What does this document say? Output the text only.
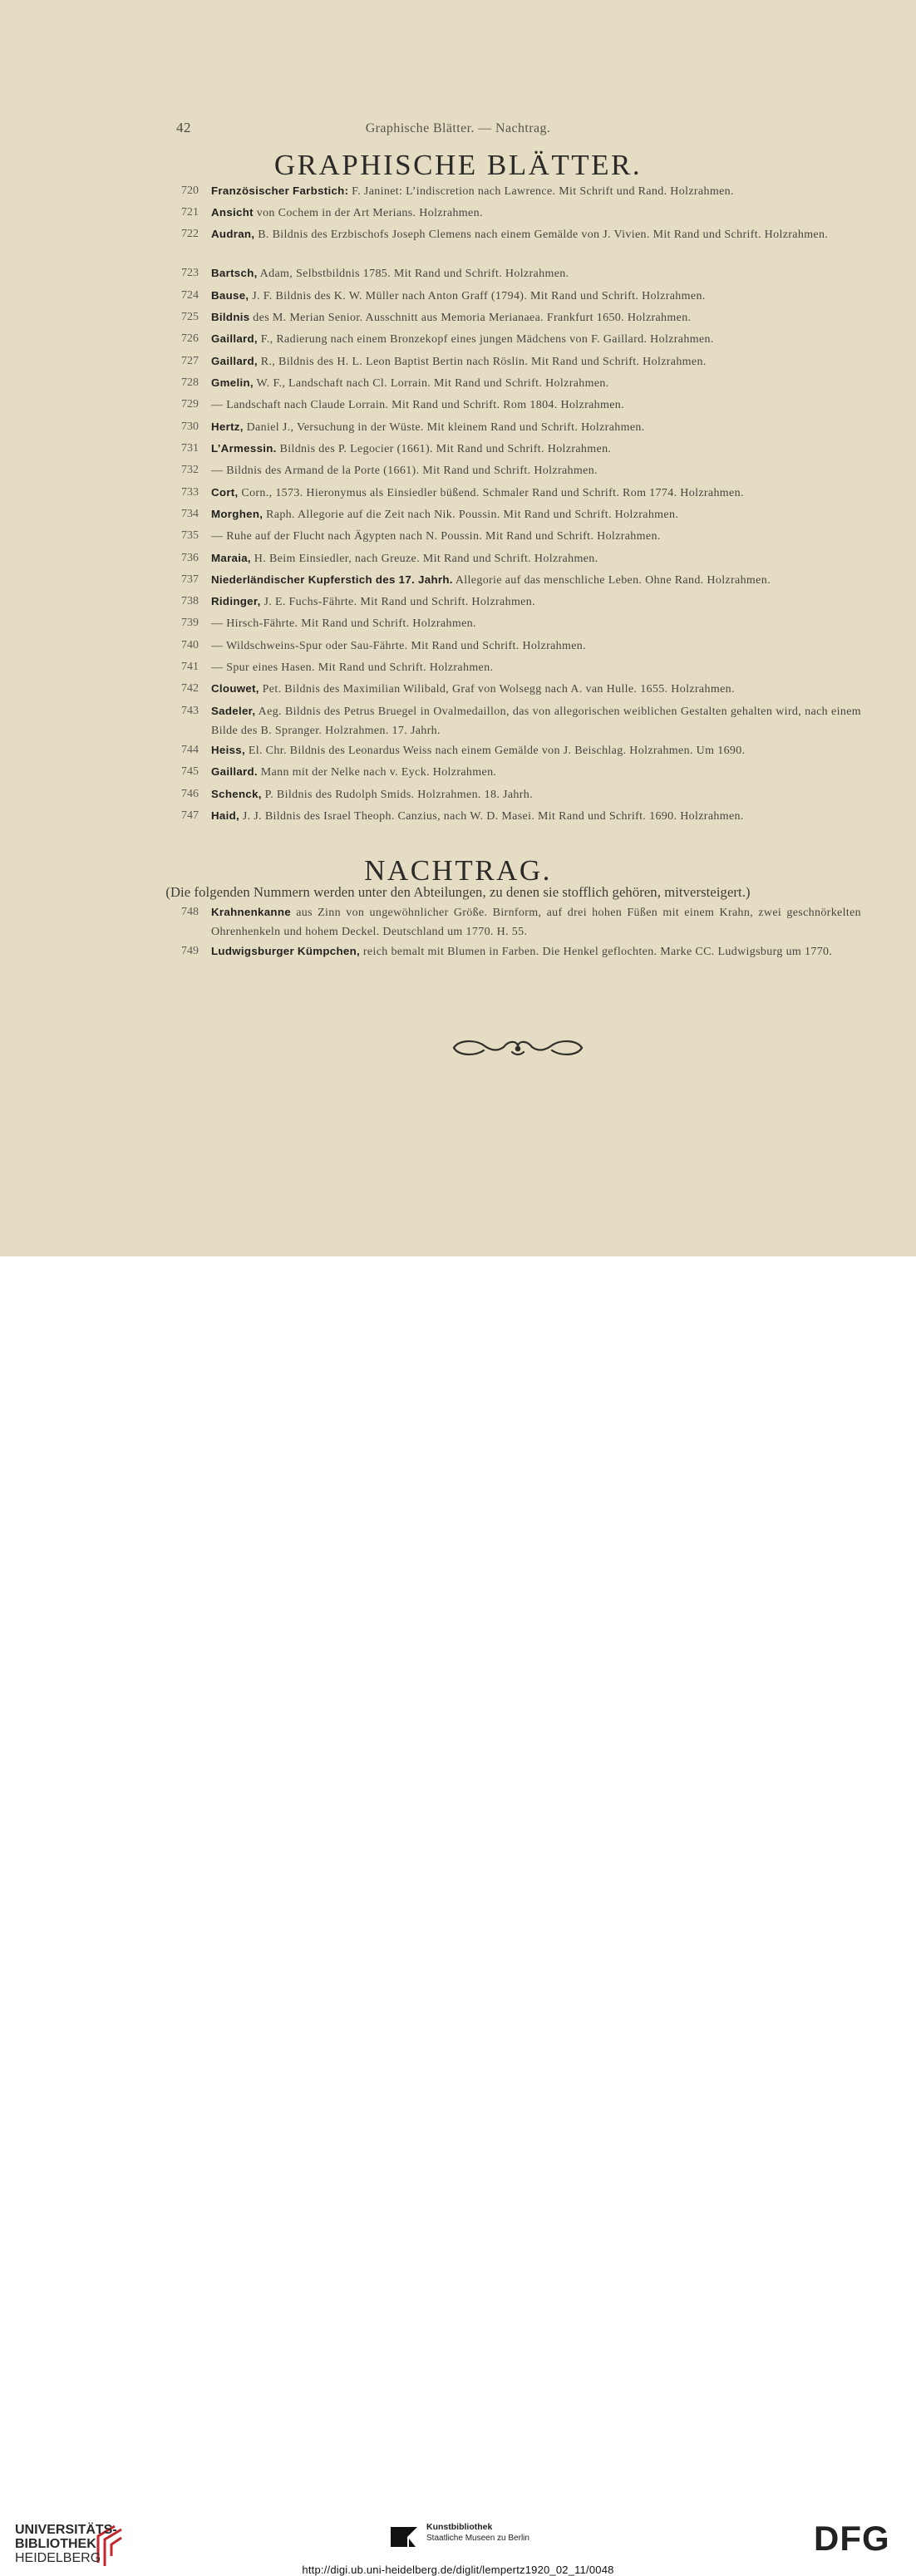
42	Graphische Blätter. — Nachtrag.
GRAPHISCHE BLÄTTER.
720	Französischer Farbstich: F. Janinet: L’indiscretion nach Lawrence. Mit Schrift und Rand. Holzrahmen.
721	Ansicht von Cochem in der Art Merians. Holzrahmen.
722	Audran, B. Bildnis des Erzbischofs Joseph Clemens nach einem Gemälde von J. Vivien. Mit Rand und Schrift. Holzrahmen.
723	Bartsch, Adam, Selbstbildnis 1785. Mit Rand und Schrift. Holzrahmen.
724	Bause, J. F. Bildnis des K. W. Müller nach Anton Graff (1794). Mit Rand und Schrift. Holzrahmen.
725	Bildnis des M. Merian Senior. Ausschnitt aus Memoria Merianaea. Frankfurt 1650. Holzrahmen.
726	Gaillard, F., Radierung nach einem Bronzekopf eines jungen Mädchens von F. Gaillard. Holzrahmen.
727	Gaillard, R., Bildnis des H. L. Leon Baptist Bertin nach Röslin. Mit Rand und Schrift. Holzrahmen.
728	Gmelin, W. F., Landschaft nach Cl. Lorrain. Mit Rand und Schrift. Holzrahmen.
729	— Landschaft nach Claude Lorrain. Mit Rand und Schrift. Rom 1804. Holzrahmen.
730	Hertz, Daniel J., Versuchung in der Wüste. Mit kleinem Rand und Schrift. Holzrahmen.
731	L’Armessin. Bildnis des P. Legocier (1661). Mit Rand und Schrift. Holzrahmen.
732	— Bildnis des Armand de la Porte (1661). Mit Rand und Schrift. Holzrahmen.
733	Cort, Corn., 1573. Hieronymus als Einsiedler büßend. Schmaler Rand und Schrift. Rom 1774. Holzrahmen.
734	Morghen, Raph. Allegorie auf die Zeit nach Nik. Poussin. Mit Rand und Schrift. Holzrahmen.
735	— Ruhe auf der Flucht nach Ägypten nach N. Poussin. Mit Rand und Schrift. Holzrahmen.
736	Maraia, H. Beim Einsiedler, nach Greuze. Mit Rand und Schrift. Holzrahmen.
737	Niederländischer Kupferstich des 17. Jahrh. Allegorie auf das menschliche Leben. Ohne Rand. Holzrahmen.
738	Ridinger, J. E. Fuchs-Fährte. Mit Rand und Schrift. Holzrahmen.
739	— Hirsch-Fährte. Mit Rand und Schrift. Holzrahmen.
740	— Wildschweins-Spur oder Sau-Fährte. Mit Rand und Schrift. Holzrahmen.
741	— Spur eines Hasen. Mit Rand und Schrift. Holzrahmen.
742	Clouwet, Pet. Bildnis des Maximilian Wilibald, Graf von Wolsegg nach A. van Hulle. 1655. Holzrahmen.
743	Sadeler, Aeg. Bildnis des Petrus Bruegel in Ovalmedaillon, das von allegorischen weiblichen Gestalten gehalten wird, nach einem Bilde des B. Spranger. Holzrahmen. 17. Jahrh.
744	Heiss, El. Chr. Bildnis des Leonardus Weiss nach einem Gemälde von J. Beischlag. Holzrahmen. Um 1690.
745	Gaillard. Mann mit der Nelke nach v. Eyck. Holzrahmen.
746	Schenck, P. Bildnis des Rudolph Smids. Holzrahmen. 18. Jahrh.
747	Haid, J. J. Bildnis des Israel Theoph. Canzius, nach W. D. Masei. Mit Rand und Schrift. 1690. Holzrahmen.
NACHTRAG.
(Die folgenden Nummern werden unter den Abteilungen, zu denen sie stofflich gehören, mitversteigert.)
748	Krahnenkanne aus Zinn von ungewöhnlicher Größe. Birnform, auf drei hohen Füßen mit einem Krahn, zwei geschnörkelten Ohrenhenkeln und hohem Deckel. Deutschland um 1770. H. 55.
749	Ludwigsburger Kümpchen, reich bemalt mit Blumen in Farben. Die Henkel geflochten. Marke CC. Ludwigsburg um 1770.
UNIVERSITÄTS-
BIBLIOTHEK
HEIDELBERG
Kunstbibliothek
Staatliche Museen zu Berlin	DFG
http://digi.ub.uni-heidelberg.de/diglit/lempertz1920_02_11/0048
